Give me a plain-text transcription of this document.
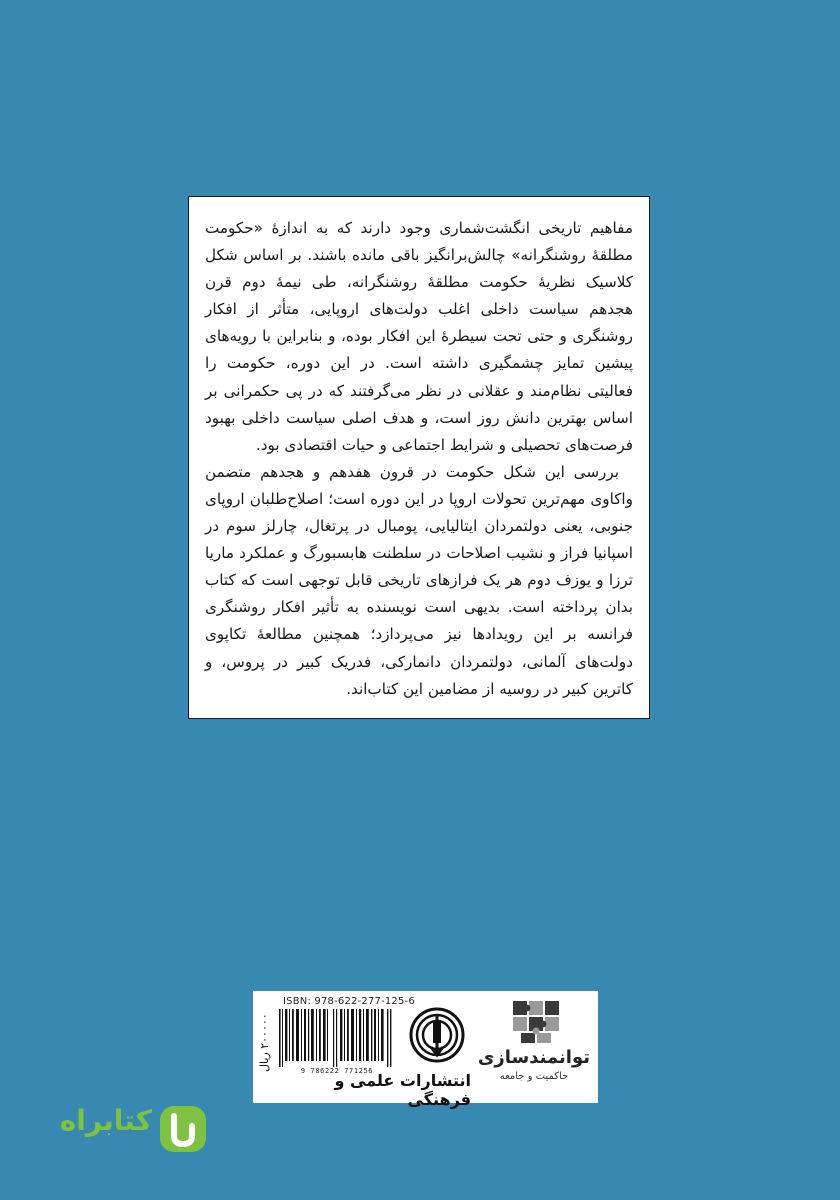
مفاهیم تاریخی انگشت‌شماری وجود دارند که به اندازهٔ «حکومت مطلقهٔ روشنگرانه» چالش‌برانگیز باقی مانده باشند. بر اساس شکل کلاسیک نظریهٔ حکومت مطلقهٔ روشنگرانه، طی نیمهٔ دوم قرن هجدهم سیاست داخلی اغلب دولت‌های اروپایی، متأثر از افکار روشنگری و حتی تحت سیطرهٔ این افکار بوده، و بنابراین با رویه‌های پیشین تمایز چشمگیری داشته است. در این دوره، حکومت را فعالیتی نظام‌مند و عقلانی در نظر می‌گرفتند که در پی حکمرانی بر اساس بهترین دانش روز است، و هدف اصلی سیاست داخلی بهبود فرصت‌های تحصیلی و شرایط اجتماعی و حیات اقتصادی بود.

بررسی این شکل حکومت در قرون هفدهم و هجدهم متضمن واکاوی مهم‌ترین تحولات اروپا در این دوره است؛ اصلاح‌طلبان اروپای جنوبی، یعنی دولتمردان ایتالیایی، پومبال در پرتغال، چارلز سوم در اسپانیا فراز و نشیب اصلاحات در سلطنت هابسبورگ و عملکرد ماریا ترزا و یوزف دوم هر یک فرازهای تاریخی قابل توجهی است که کتاب بدان پرداخته است. بدیهی است نویسنده به تأثیر افکار روشنگری فرانسه بر این رویدادها نیز می‌پردازد؛ همچنین مطالعهٔ تکاپوی دولت‌های آلمانی، دولتمردان دانمارکی، فدریک کبیر در پروس، و کاترین کبیر در روسیه از مضامین این کتاب‌اند.

۲۰۰۰۰۰ ریال
ISBN: 978-622-277-125-6
9 786222 771256
انتشارات علمی و فرهنگی
توانمندسازی
حاکمیت و جامعه
کتابراه
